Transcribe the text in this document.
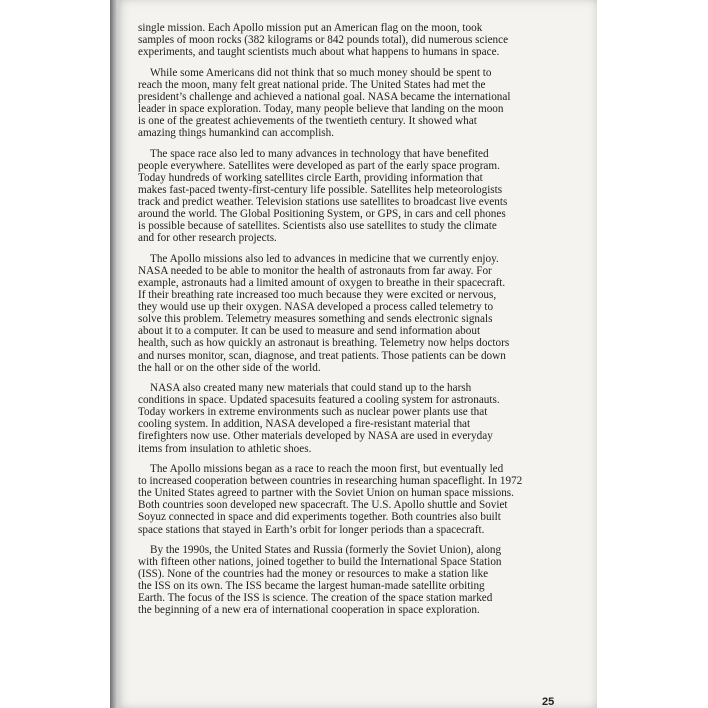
single mission. Each Apollo mission put an American flag on the moon, took
samples of moon rocks (382 kilograms or 842 pounds total), did numerous science
experiments, and taught scientists much about what happens to humans in space.

While some Americans did not think that so much money should be spent to
reach the moon, many felt great national pride. The United States had met the
president’s challenge and achieved a national goal. NASA became the international
leader in space exploration. Today, many people believe that landing on the moon
is one of the greatest achievements of the twentieth century. It showed what
amazing things humankind can accomplish.

The space race also led to many advances in technology that have benefited
people everywhere. Satellites were developed as part of the early space program.
Today hundreds of working satellites circle Earth, providing information that
makes fast-paced twenty-first-century life possible. Satellites help meteorologists
track and predict weather. Television stations use satellites to broadcast live events
around the world. The Global Positioning System, or GPS, in cars and cell phones
is possible because of satellites. Scientists also use satellites to study the climate
and for other research projects.

The Apollo missions also led to advances in medicine that we currently enjoy.
NASA needed to be able to monitor the health of astronauts from far away. For
example, astronauts had a limited amount of oxygen to breathe in their spacecraft.
If their breathing rate increased too much because they were excited or nervous,
they would use up their oxygen. NASA developed a process called telemetry to
solve this problem. Telemetry measures something and sends electronic signals
about it to a computer. It can be used to measure and send information about
health, such as how quickly an astronaut is breathing. Telemetry now helps doctors
and nurses monitor, scan, diagnose, and treat patients. Those patients can be down
the hall or on the other side of the world.

NASA also created many new materials that could stand up to the harsh
conditions in space. Updated spacesuits featured a cooling system for astronauts.
Today workers in extreme environments such as nuclear power plants use that
cooling system. In addition, NASA developed a fire-resistant material that
firefighters now use. Other materials developed by NASA are used in everyday
items from insulation to athletic shoes.

The Apollo missions began as a race to reach the moon first, but eventually led
to increased cooperation between countries in researching human spaceflight. In 1972
the United States agreed to partner with the Soviet Union on human space missions.
Both countries soon developed new spacecraft. The U.S. Apollo shuttle and Soviet
Soyuz connected in space and did experiments together. Both countries also built
space stations that stayed in Earth’s orbit for longer periods than a spacecraft.

By the 1990s, the United States and Russia (formerly the Soviet Union), along
with fifteen other nations, joined together to build the International Space Station
(ISS). None of the countries had the money or resources to make a station like
the ISS on its own. The ISS became the largest human-made satellite orbiting
Earth. The focus of the ISS is science. The creation of the space station marked
the beginning of a new era of international cooperation in space exploration.

25
